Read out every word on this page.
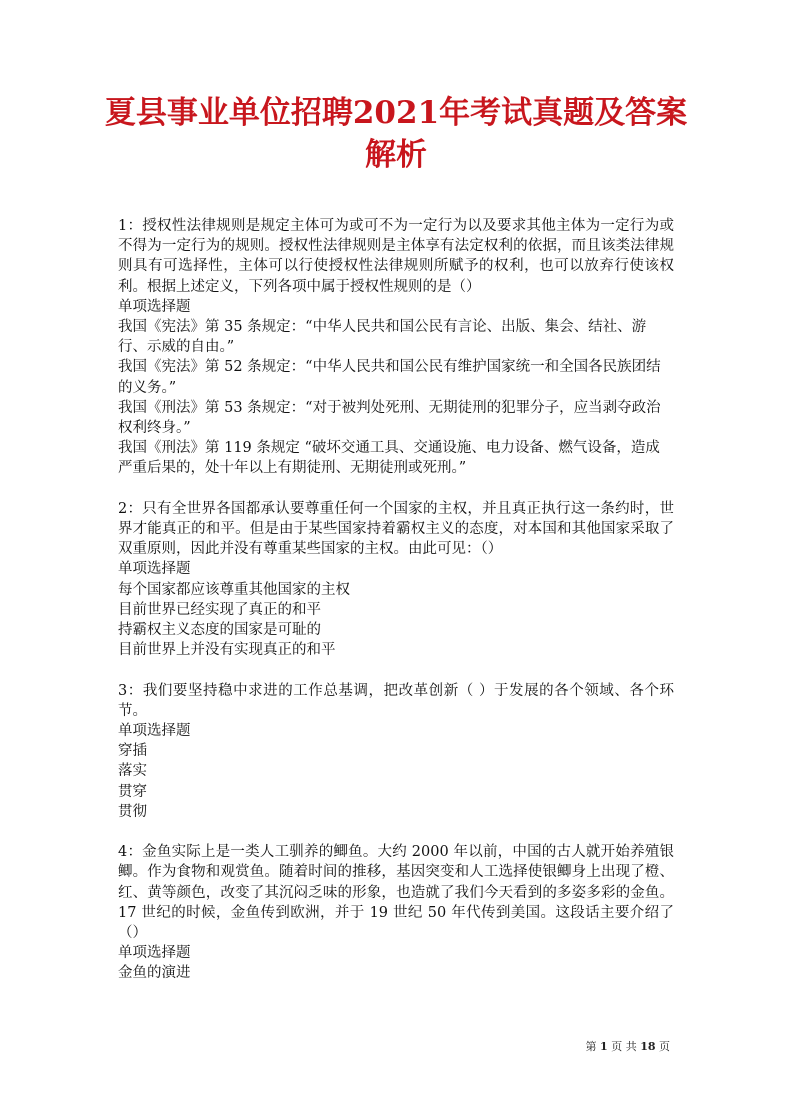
夏县事业单位招聘2021年考试真题及答案解析

1：授权性法律规则是规定主体可为或可不为一定行为以及要求其他主体为一定行为或不得为一定行为的规则。授权性法律规则是主体享有法定权利的依据，而且该类法律规则具有可选择性，主体可以行使授权性法律规则所赋予的权利，也可以放弃行使该权利。根据上述定义，下列各项中属于授权性规则的是（）

单项选择题

我国《宪法》第 35 条规定：“中华人民共和国公民有言论、出版、集会、结社、游行、示威的自由。”

我国《宪法》第 52 条规定：“中华人民共和国公民有维护国家统一和全国各民族团结的义务。”

我国《刑法》第 53 条规定：“对于被判处死刑、无期徒刑的犯罪分子，应当剥夺政治权利终身。”

我国《刑法》第 119 条规定 “破坏交通工具、交通设施、电力设备、燃气设备，造成严重后果的，处十年以上有期徒刑、无期徒刑或死刑。”

2：只有全世界各国都承认要尊重任何一个国家的主权，并且真正执行这一条约时，世界才能真正的和平。但是由于某些国家持着霸权主义的态度，对本国和其他国家采取了双重原则，因此并没有尊重某些国家的主权。由此可见：（）

单项选择题

每个国家都应该尊重其他国家的主权

目前世界已经实现了真正的和平

持霸权主义态度的国家是可耻的

目前世界上并没有实现真正的和平

3：我们要坚持稳中求进的工作总基调，把改革创新（ ）于发展的各个领域、各个环节。

单项选择题

穿插

落实

贯穿

贯彻

4：金鱼实际上是一类人工驯养的鲫鱼。大约 2000 年以前，中国的古人就开始养殖银鲫。作为食物和观赏鱼。随着时间的推移，基因突变和人工选择使银鲫身上出现了橙、红、黄等颜色，改变了其沉闷乏味的形象，也造就了我们今天看到的多姿多彩的金鱼。17 世纪的时候，金鱼传到欧洲，并于 19 世纪 50 年代传到美国。这段话主要介绍了（）

单项选择题

金鱼的演进

第 1 页 共 18 页
